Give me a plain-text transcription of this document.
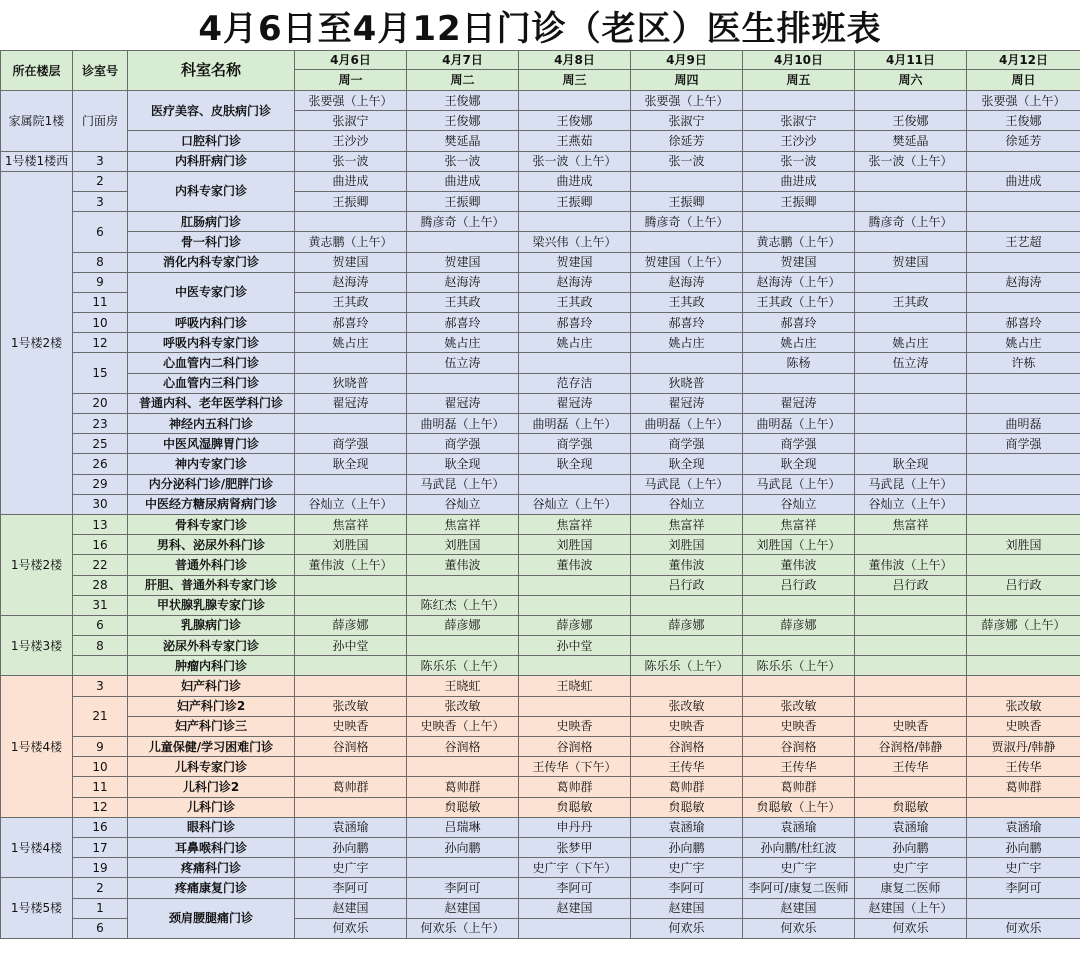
4月6日至4月12日门诊（老区）医生排班表
所在楼层	诊室号	科室名称	4月6日	4月7日	4月8日	4月9日	4月10日	4月11日	4月12日
			周一	周二	周三	周四	周五	周六	周日
家属院1楼	门面房	医疗美容、皮肤病门诊	张要强（上午）	王俊娜		张要强（上午）			张要强（上午）
			张淑宁	王俊娜	王俊娜	张淑宁	张淑宁	王俊娜	王俊娜
		口腔科门诊	王沙沙	樊延晶	王燕茹	徐延芳	王沙沙	樊延晶	徐延芳
1号楼1楼西	3	内科肝病门诊	张一波	张一波	张一波（上午）	张一波	张一波	张一波（上午）	
1号楼2楼	2	内科专家门诊	曲进成	曲进成	曲进成		曲进成		曲进成
	3		王振卿	王振卿	王振卿	王振卿	王振卿		
	6	肛肠病门诊		腾彦奇（上午）		腾彦奇（上午）		腾彦奇（上午）	
		骨一科门诊	黄志鹏（上午）		梁兴伟（上午）		黄志鹏（上午）		王艺超
	8	消化内科专家门诊	贺建国	贺建国	贺建国	贺建国（上午）	贺建国	贺建国	
	9	中医专家门诊	赵海涛	赵海涛	赵海涛	赵海涛	赵海涛（上午）		赵海涛
	11		王其政	王其政	王其政	王其政	王其政（上午）	王其政	
	10	呼吸内科门诊	郝喜玲	郝喜玲	郝喜玲	郝喜玲	郝喜玲		郝喜玲
	12	呼吸内科专家门诊	姚占庄	姚占庄	姚占庄	姚占庄	姚占庄	姚占庄	姚占庄
	15	心血管内二科门诊		伍立涛			陈杨	伍立涛	许栋
		心血管内三科门诊	狄晓普		范存洁	狄晓普			
	20	普通内科、老年医学科门诊	翟冠涛	翟冠涛	翟冠涛	翟冠涛	翟冠涛		
	23	神经内五科门诊		曲明磊（上午）	曲明磊（上午）	曲明磊（上午）	曲明磊（上午）		曲明磊
	25	中医风湿脾胃门诊	商学强	商学强	商学强	商学强	商学强		商学强
	26	神内专家门诊	耿全现	耿全现	耿全现	耿全现	耿全现	耿全现	
	29	内分泌科门诊/肥胖门诊		马武昆（上午）		马武昆（上午）	马武昆（上午）	马武昆（上午）	
	30	中医经方糖尿病肾病门诊	谷灿立（上午）	谷灿立	谷灿立（上午）	谷灿立	谷灿立	谷灿立（上午）	
1号楼2楼	13	骨科专家门诊	焦富祥	焦富祥	焦富祥	焦富祥	焦富祥	焦富祥	
	16	男科、泌尿外科门诊	刘胜国	刘胜国	刘胜国	刘胜国	刘胜国（上午）		刘胜国
	22	普通外科门诊	董伟波（上午）	董伟波	董伟波	董伟波	董伟波	董伟波（上午）	
	28	肝胆、普通外科专家门诊				吕行政	吕行政	吕行政	吕行政
	31	甲状腺乳腺专家门诊		陈红杰（上午）					
1号楼3楼	6	乳腺病门诊	薛彦娜	薛彦娜	薛彦娜	薛彦娜	薛彦娜		薛彦娜（上午）
	8	泌尿外科专家门诊	孙中堂		孙中堂				
		肿瘤内科门诊		陈乐乐（上午）		陈乐乐（上午）	陈乐乐（上午）		
1号楼4楼	3	妇产科门诊		王晓虹	王晓虹				
	21	妇产科门诊2	张改敏	张改敏		张改敏	张改敏		张改敏
		妇产科门诊三	史映香	史映香（上午）	史映香	史映香	史映香	史映香	史映香
	9	儿童保健/学习困难门诊	谷润格	谷润格	谷润格	谷润格	谷润格	谷润格/韩静	贾淑丹/韩静
	10	儿科专家门诊			王传华（下午）	王传华	王传华	王传华	王传华
	11	儿科门诊2	葛帅群	葛帅群	葛帅群	葛帅群	葛帅群		葛帅群
	12	儿科门诊		贠聪敏	贠聪敏	贠聪敏	贠聪敏（上午）	贠聪敏	
1号楼4楼	16	眼科门诊	袁涵瑜	吕瑞琳	申丹丹	袁涵瑜	袁涵瑜	袁涵瑜	袁涵瑜
	17	耳鼻喉科门诊	孙向鹏	孙向鹏	张梦甲	孙向鹏	孙向鹏/杜红波	孙向鹏	孙向鹏
	19	疼痛科门诊	史广宇		史广宇（下午）	史广宇	史广宇	史广宇	史广宇
1号楼5楼	2	疼痛康复门诊	李阿可	李阿可	李阿可	李阿可	李阿可/康复二医师	康复二医师	李阿可
	1	颈肩腰腿痛门诊	赵建国	赵建国	赵建国	赵建国	赵建国	赵建国（上午）	
	6		何欢乐	何欢乐（上午）		何欢乐	何欢乐	何欢乐	何欢乐
